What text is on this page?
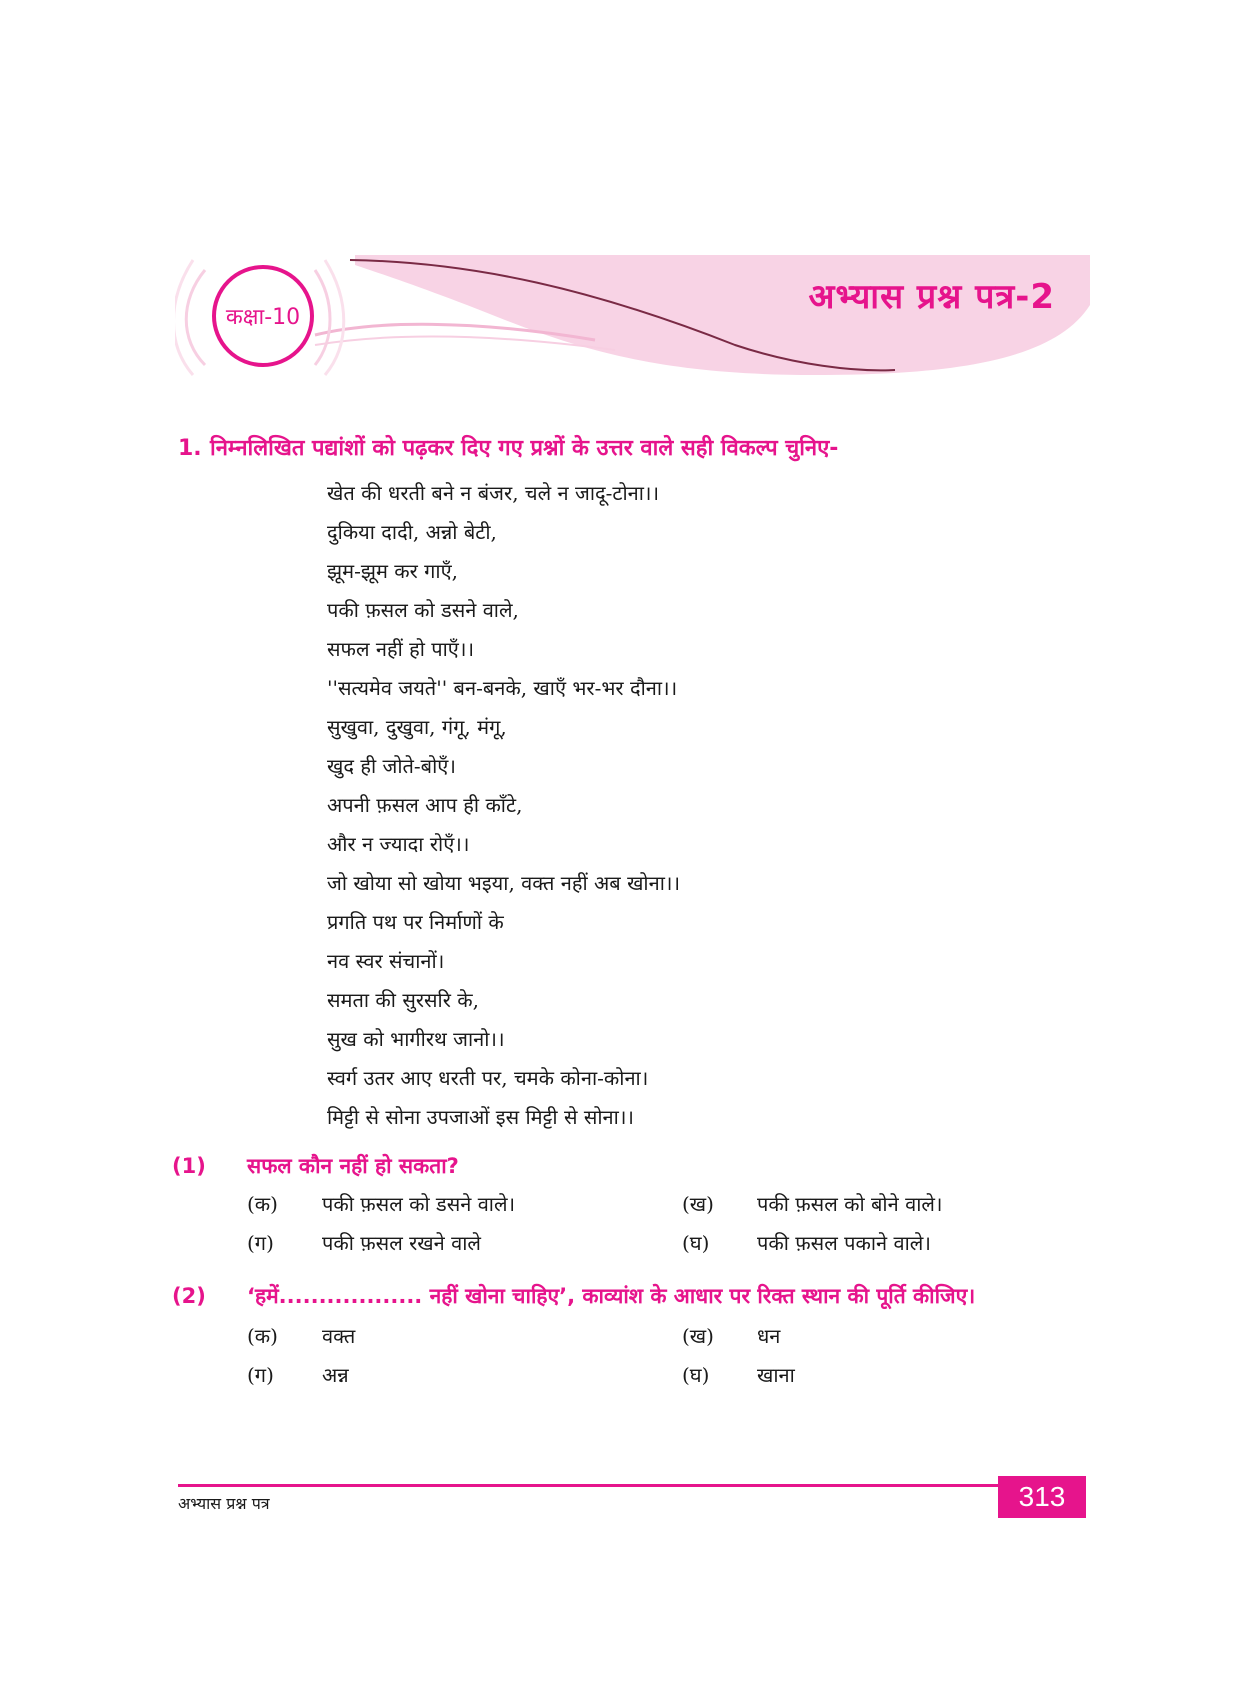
कक्षा-10
अभ्यास प्रश्न पत्र-2
1. निम्नलिखित पद्यांशों को पढ़कर दिए गए प्रश्नों के उत्तर वाले सही विकल्प चुनिए-
खेत की धरती बने न बंजर, चले न जादू-टोना।।
दुकिया दादी, अन्नो बेटी,
झूम-झूम कर गाएँ,
पकी फ़सल को डसने वाले,
सफल नहीं हो पाएँ।।
''सत्यमेव जयते'' बन-बनके, खाएँ भर-भर दौना।।
सुखुवा, दुखुवा, गंगू, मंगू,
खुद ही जोते-बोएँ।
अपनी फ़सल आप ही काँटे,
और न ज्यादा रोएँ।।
जो खोया सो खोया भइया, वक्त नहीं अब खोना।।
प्रगति पथ पर निर्माणों के
नव स्वर संचानों।
समता की सुरसरि के,
सुख को भागीरथ जानो।।
स्वर्ग उतर आए धरती पर, चमके कोना-कोना।
मिट्टी से सोना उपजाओं इस मिट्टी से सोना।।
(1) सफल कौन नहीं हो सकता?
(क) पकी फ़सल को डसने वाले।	(ख) पकी फ़सल को बोने वाले।
(ग) पकी फ़सल रखने वाले	(घ) पकी फ़सल पकाने वाले।
(2) ‘हमें.................. नहीं खोना चाहिए’, काव्यांश के आधार पर रिक्त स्थान की पूर्ति कीजिए।
(क) वक्त	(ख) धन
(ग) अन्न	(घ) खाना
अभ्यास प्रश्न पत्र	313
